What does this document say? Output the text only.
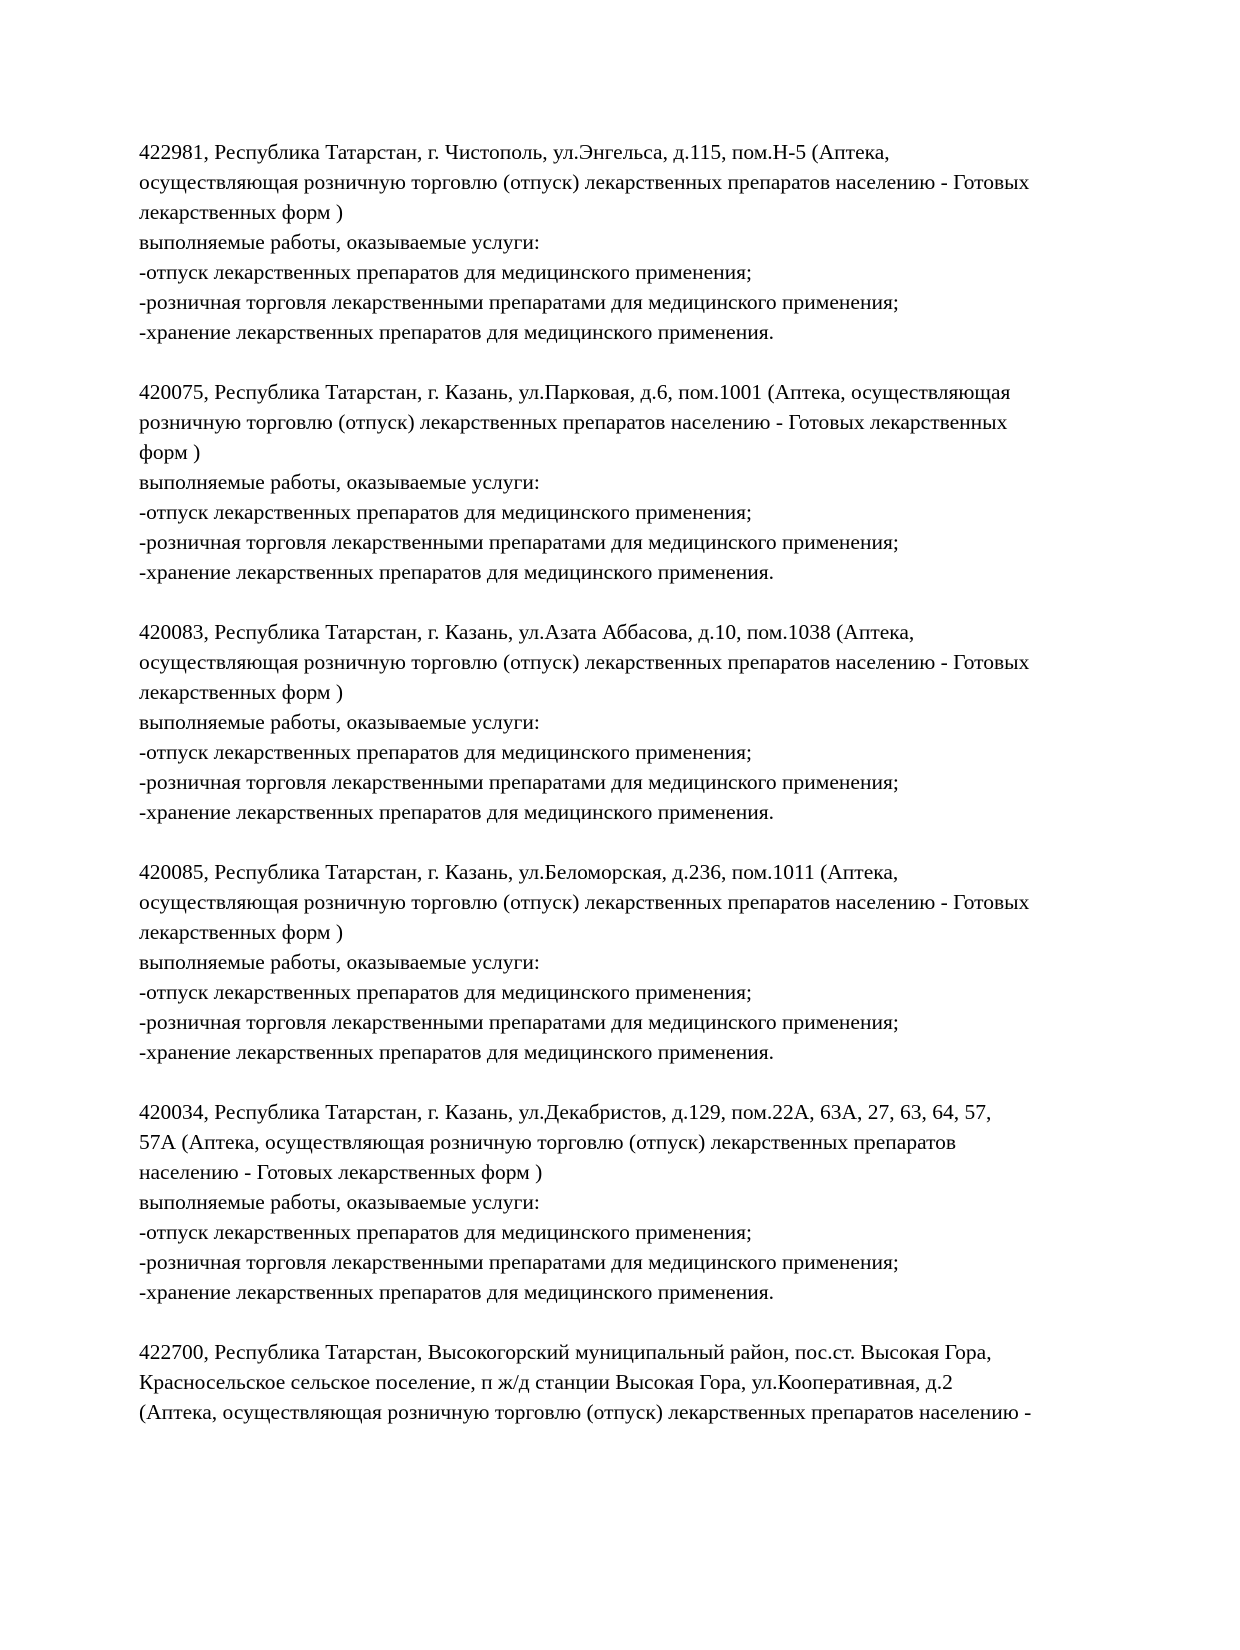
422981, Республика Татарстан, г. Чистополь, ул.Энгельса, д.115, пом.Н-5 (Аптека,
осуществляющая розничную торговлю (отпуск) лекарственных препаратов населению - Готовых
лекарственных форм )
выполняемые работы, оказываемые услуги:
-отпуск лекарственных препаратов для медицинского применения;
-розничная торговля лекарственными препаратами для медицинского применения;
-хранение лекарственных препаратов для медицинского применения.
420075, Республика Татарстан, г. Казань, ул.Парковая, д.6, пом.1001 (Аптека, осуществляющая
розничную торговлю (отпуск) лекарственных препаратов населению - Готовых лекарственных
форм )
выполняемые работы, оказываемые услуги:
-отпуск лекарственных препаратов для медицинского применения;
-розничная торговля лекарственными препаратами для медицинского применения;
-хранение лекарственных препаратов для медицинского применения.
420083, Республика Татарстан, г. Казань, ул.Азата Аббасова, д.10, пом.1038 (Аптека,
осуществляющая розничную торговлю (отпуск) лекарственных препаратов населению - Готовых
лекарственных форм )
выполняемые работы, оказываемые услуги:
-отпуск лекарственных препаратов для медицинского применения;
-розничная торговля лекарственными препаратами для медицинского применения;
-хранение лекарственных препаратов для медицинского применения.
420085, Республика Татарстан, г. Казань, ул.Беломорская, д.236, пом.1011 (Аптека,
осуществляющая розничную торговлю (отпуск) лекарственных препаратов населению - Готовых
лекарственных форм )
выполняемые работы, оказываемые услуги:
-отпуск лекарственных препаратов для медицинского применения;
-розничная торговля лекарственными препаратами для медицинского применения;
-хранение лекарственных препаратов для медицинского применения.
420034, Республика Татарстан, г. Казань, ул.Декабристов, д.129, пом.22А, 63А, 27, 63, 64, 57,
57А (Аптека, осуществляющая розничную торговлю (отпуск) лекарственных препаратов
населению - Готовых лекарственных форм )
выполняемые работы, оказываемые услуги:
-отпуск лекарственных препаратов для медицинского применения;
-розничная торговля лекарственными препаратами для медицинского применения;
-хранение лекарственных препаратов для медицинского применения.
422700, Республика Татарстан, Высокогорский муниципальный район, пос.ст. Высокая Гора,
Красносельское сельское поселение, п ж/д станции Высокая Гора, ул.Кооперативная, д.2
(Аптека, осуществляющая розничную торговлю (отпуск) лекарственных препаратов населению -
